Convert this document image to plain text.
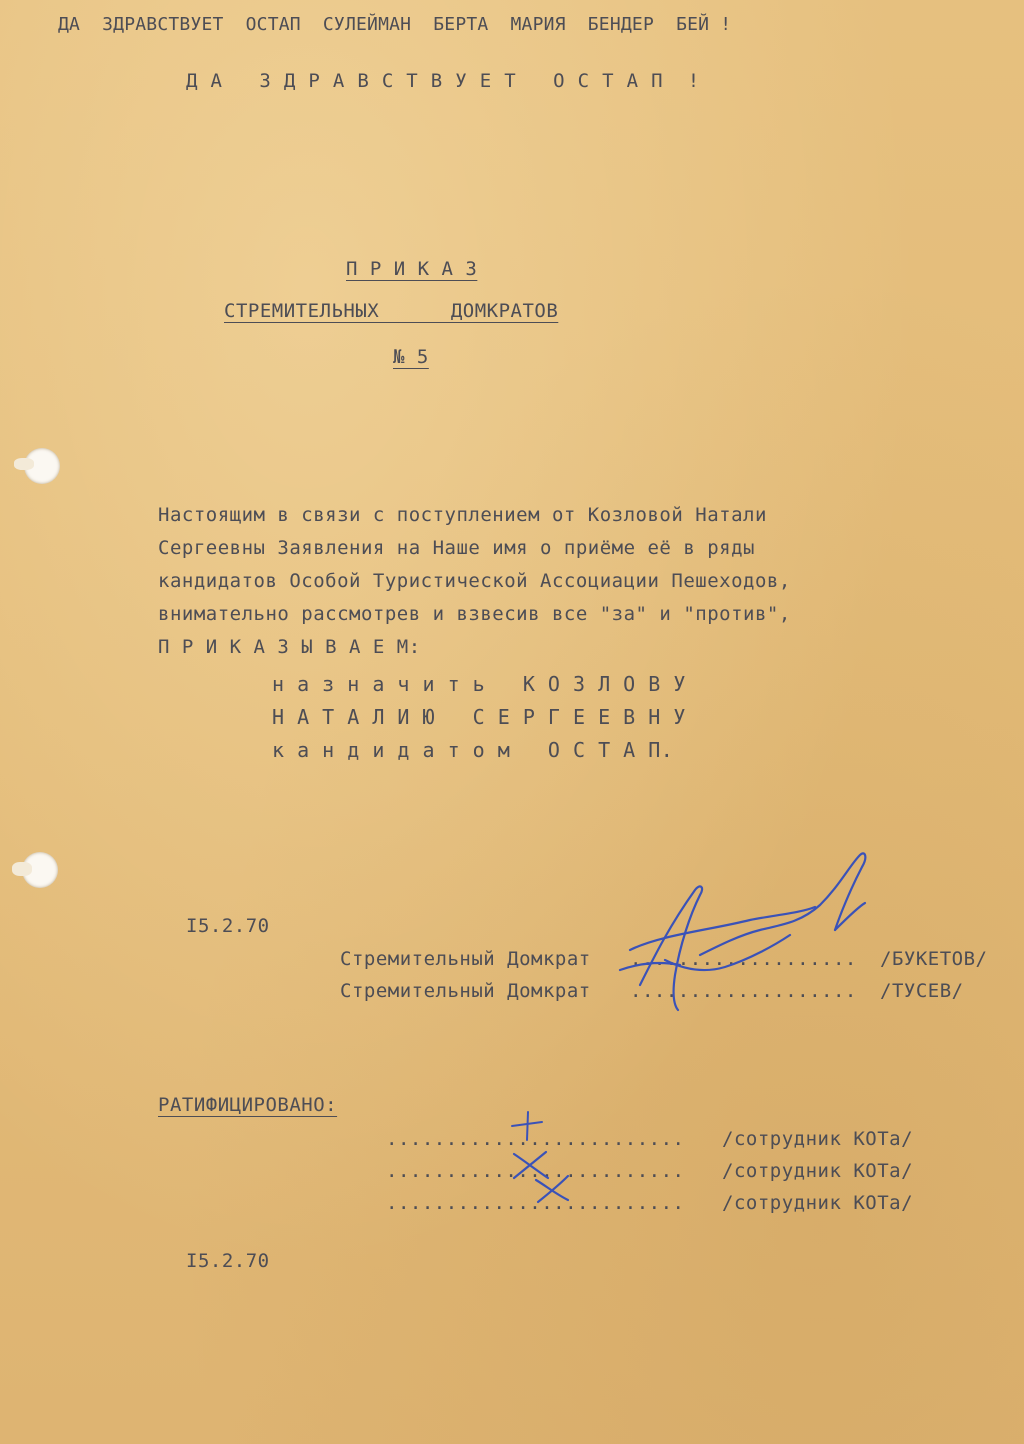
ДА  ЗДРАВСТВУЕТ  ОСТАП  СУЛЕЙМАН  БЕРТА  МАРИЯ  БЕНДЕР  БЕЙ !
Д А   З Д Р А В С Т В У Е Т   О С Т А П  !
П Р И К А З
СТРЕМИТЕЛЬНЫХ      ДОМКРАТОВ
№ 5
Настоящим в связи с поступлением от Козловой Натали
Сергеевны Заявления на Наше имя о приёме её в ряды
кандидатов Особой Туристической Ассоциации Пешеходов,
внимательно рассмотрев и взвесив все "за" и "против",
П Р И К А З Ы В А Е М:
н а з н а ч и т ь   К О З Л О В У
Н А Т А Л И Ю   С Е Р Г Е Е В Н У
к а н д и д а т о м   О С Т А П.
I5.2.70
Стремительный Домкрат ................... /БУКЕТОВ/
Стремительный Домкрат ................... /ТУСЕВ/
РАТИФИЦИРОВАНО:
......................... /сотрудник КОТа/
......................... /сотрудник КОТа/
......................... /сотрудник КОТа/
I5.2.70
